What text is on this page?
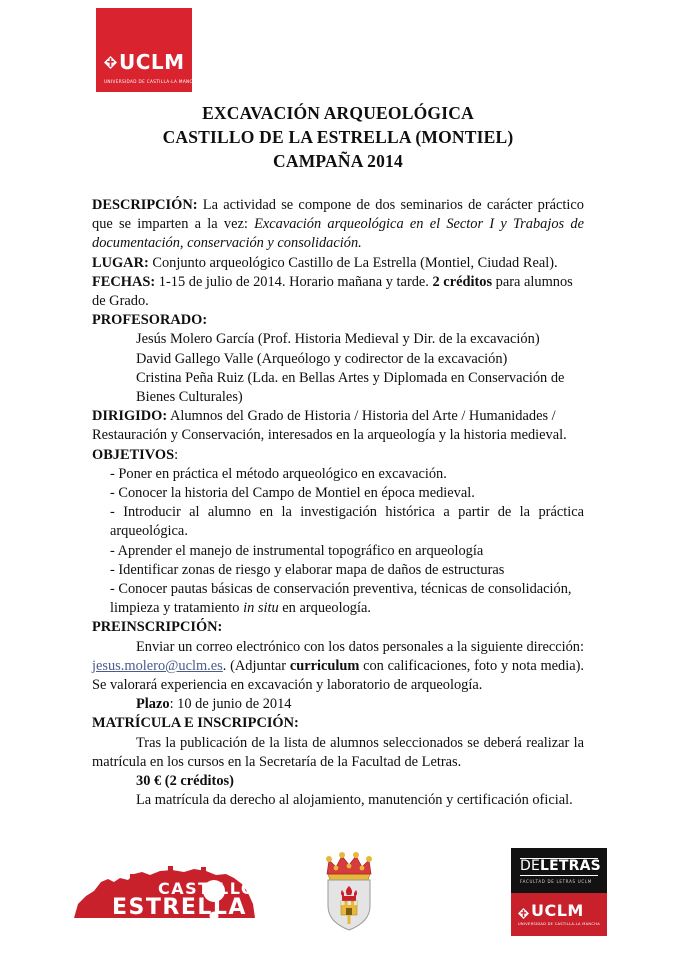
UCLM
UNIVERSIDAD DE CASTILLA-LA MANCHA
EXCAVACIÓN ARQUEOLÓGICA
CASTILLO DE LA ESTRELLA (MONTIEL)
CAMPAÑA 2014

DESCRIPCIÓN: La actividad se compone de dos seminarios de carácter práctico que se imparten a la vez: Excavación arqueológica en el Sector I y Trabajos de documentación, conservación y consolidación.

LUGAR: Conjunto arqueológico Castillo de La Estrella (Montiel, Ciudad Real).

FECHAS: 1-15 de julio de 2014. Horario mañana y tarde. 2 créditos para alumnos de Grado.

PROFESORADO:

Jesús Molero García (Prof. Historia Medieval y Dir. de la excavación)

David Gallego Valle (Arqueólogo y codirector de la excavación)

Cristina Peña Ruiz (Lda. en Bellas Artes y Diplomada en Conservación de Bienes Culturales)

DIRIGIDO: Alumnos del Grado de Historia / Historia del Arte / Humanidades / Restauración y Conservación, interesados en la arqueología y la historia medieval.

OBJETIVOS:

- Poner en práctica el método arqueológico en excavación.

- Conocer la historia del Campo de Montiel en época medieval.

- Introducir al alumno en la investigación histórica a partir de la práctica arqueológica.

- Aprender el manejo de instrumental topográfico en arqueología

- Identificar zonas de riesgo y elaborar mapa de daños de estructuras

- Conocer pautas básicas de conservación preventiva, técnicas de consolidación, limpieza y tratamiento in situ en arqueología.

PREINSCRIPCIÓN:

Enviar un correo electrónico con los datos personales a la siguiente dirección: jesus.molero@uclm.es. (Adjuntar curriculum con calificaciones, foto y nota media). Se valorará experiencia en excavación y laboratorio de arqueología.

Plazo: 10 de junio de 2014

MATRÍCULA E INSCRIPCIÓN:

Tras la publicación de la lista de alumnos seleccionados se deberá realizar la matrícula en los cursos en la Secretaría de la Facultad de Letras.

30 € (2 créditos)

La matrícula da derecho al alojamiento, manutención y certificación oficial.

CASTILLO
ESTRELLA
DELETRAS
FACULTAD DE LETRAS UCLM
UCLM
UNIVERSIDAD DE CASTILLA-LA MANCHA
